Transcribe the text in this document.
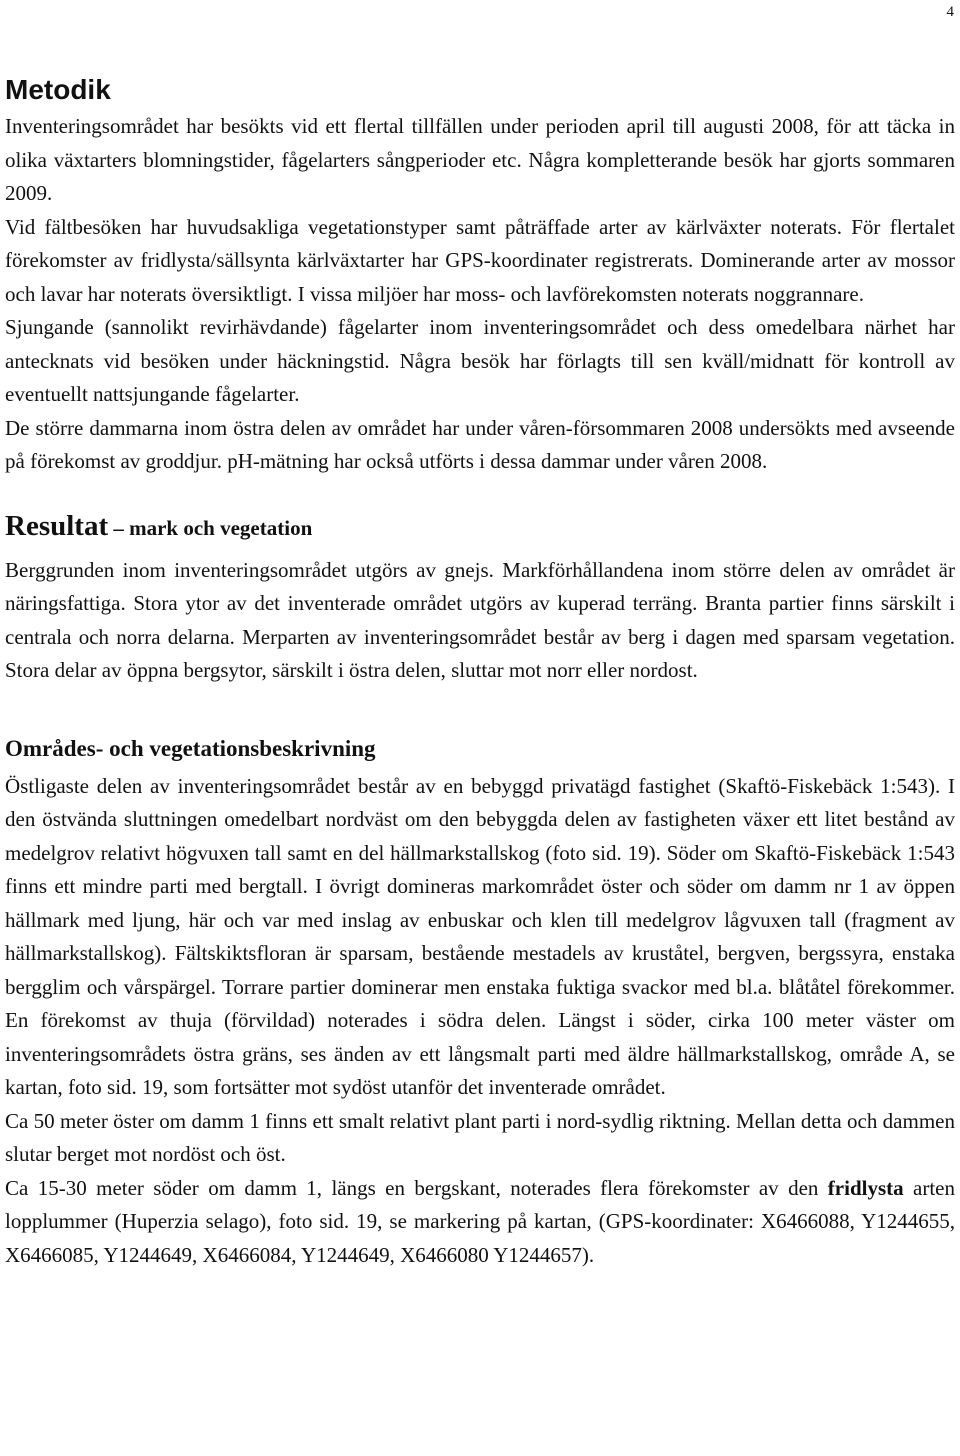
4
Metodik

Inventeringsområdet har besökts vid ett flertal tillfällen under perioden april till augusti 2008, för att täcka in olika växtarters blomningstider, fågelarters sångperioder etc. Några kompletterande besök har gjorts sommaren 2009.

Vid fältbesöken har huvudsakliga vegetationstyper samt påträffade arter av kärlväxter noterats. För flertalet förekomster av fridlysta/sällsynta kärlväxtarter har GPS-koordinater registrerats. Dominerande arter av mossor och lavar har noterats översiktligt. I vissa miljöer har moss- och lavförekomsten noterats noggrannare.

Sjungande (sannolikt revirhävdande) fågelarter inom inventeringsområdet och dess omedelbara närhet har antecknats vid besöken under häckningstid. Några besök har förlagts till sen kväll/midnatt för kontroll av eventuellt nattsjungande fågelarter.

De större dammarna inom östra delen av området har under våren-försommaren 2008 undersökts med avseende på förekomst av groddjur. pH-mätning har också utförts i dessa dammar under våren 2008.

Resultat – mark och vegetation

Berggrunden inom inventeringsområdet utgörs av gnejs. Markförhållandena inom större delen av området är näringsfattiga. Stora ytor av det inventerade området utgörs av kuperad terräng. Branta partier finns särskilt i centrala och norra delarna. Merparten av inventeringsområdet består av berg i dagen med sparsam vegetation. Stora delar av öppna bergsytor, särskilt i östra delen, sluttar mot norr eller nordost.

Områdes- och vegetationsbeskrivning

Östligaste delen av inventeringsområdet består av en bebyggd privatägd fastighet (Skaftö-Fiskebäck 1:543). I den östvända sluttningen omedelbart nordväst om den bebyggda delen av fastigheten växer ett litet bestånd av medelgrov relativt högvuxen tall samt en del hällmarkstallskog (foto sid. 19). Söder om Skaftö-Fiskebäck 1:543 finns ett mindre parti med bergtall. I övrigt domineras markområdet öster och söder om damm nr 1 av öppen hällmark med ljung, här och var med inslag av enbuskar och klen till medelgrov lågvuxen tall (fragment av hällmarkstallskog). Fältskiktsfloran är sparsam, bestående mestadels av kruståtel, bergven, bergssyra, enstaka bergglim och vårspärgel. Torrare partier dominerar men enstaka fuktiga svackor med bl.a. blåtåtel förekommer. En förekomst av thuja (förvildad) noterades i södra delen. Längst i söder, cirka 100 meter väster om inventeringsområdets östra gräns, ses änden av ett långsmalt parti med äldre hällmarkstallskog, område A, se kartan, foto sid. 19, som fortsätter mot sydöst utanför det inventerade området.

Ca 50 meter öster om damm 1 finns ett smalt relativt plant parti i nord-sydlig riktning. Mellan detta och dammen slutar berget mot nordöst och öst.

Ca 15-30 meter söder om damm 1, längs en bergskant, noterades flera förekomster av den fridlysta arten lopplummer (Huperzia selago), foto sid. 19, se markering på kartan, (GPS-koordinater: X6466088, Y1244655, X6466085, Y1244649, X6466084, Y1244649, X6466080 Y1244657).
